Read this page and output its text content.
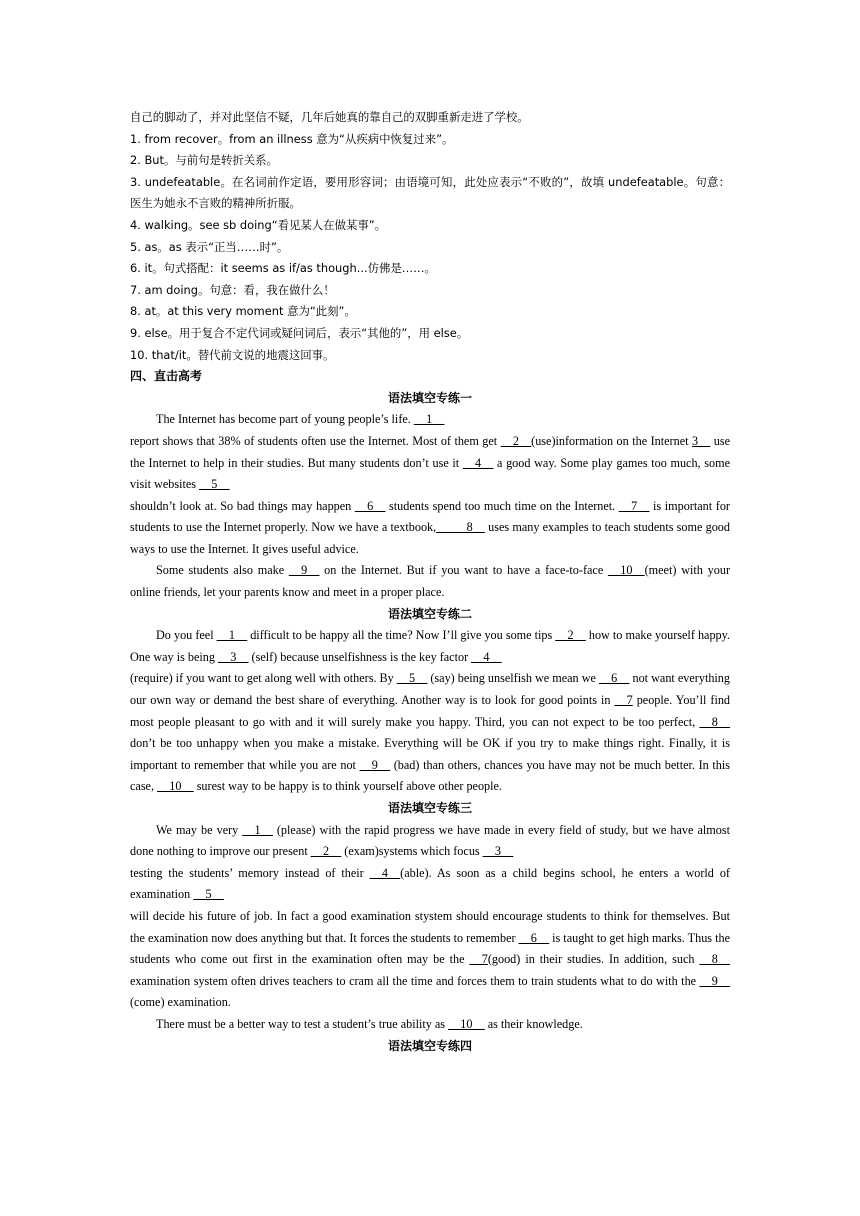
自己的脚动了，并对此坚信不疑，几年后她真的靠自己的双脚重新走进了学校。

1. from recover。from an illness 意为“从疾病中恢复过来”。

2. But。与前句是转折关系。

3. undefeatable。在名词前作定语，要用形容词；由语境可知，此处应表示“不败的”，故填 undefeatable。句意：医生为她永不言败的精神所折服。

4. walking。see sb doing“看见某人在做某事”。

5. as。as 表示“正当……时”。

6. it。句式搭配：it seems as if/as though...仿佛是……。

7. am doing。句意：看，我在做什么！

8. at。at this very moment 意为“此刻”。

9. else。用于复合不定代词或疑问词后，表示“其他的”，用 else。

10. that/it。替代前文说的地震这回事。

四、直击高考

语法填空专练一

The Internet has become part of young people’s life. __1__
report shows that 38% of students often use the Internet. Most of them get __2__(use)information on the Internet 3__ use the Internet to help in their studies. But many students don’t use it __4__ a good way. Some play games too much, some visit websites __5__
shouldn’t look at. So bad things may happen __6__ students spend too much time on the Internet. __7__ is important for students to use the Internet properly. Now we have a textbook,_____8__ uses many examples to teach students some good ways to use the Internet. It gives useful advice.

Some students also make __9__ on the Internet. But if you want to have a face-to-face __10__(meet) with your online friends, let your parents know and meet in a proper place.

语法填空专练二

Do you feel __1__ difficult to be happy all the time? Now I’ll give you some tips __2__ how to make yourself happy. One way is being __3__ (self) because unselfishness is the key factor __4__
(require) if you want to get along well with others. By __5__ (say) being unselfish we mean we __6__ not want everything our own way or demand the best share of everything. Another way is to look for good points in __7 people. You’ll find most people pleasant to go with and it will surely make you happy. Third, you can not expect to be too perfect, __8__ don’t be too unhappy when you make a mistake. Everything will be OK if you try to make things right. Finally, it is important to remember that while you are not __9__ (bad) than others, chances you have may not be much better. In this case, __10__ surest way to be happy is to think yourself above other people.

语法填空专练三

We may be very __1__ (please) with the rapid progress we have made in every field of study, but we have almost done nothing to improve our present __2__ (exam)systems which focus __3__
testing the students’ memory instead of their __4__(able). As soon as a child begins school, he enters a world of examination __5__
will decide his future of job. In fact a good examination stystem should encourage students to think for themselves. But the examination now does anything but that. It forces the students to remember __6__ is taught to get high marks. Thus the students who come out first in the examination often may be the __7(good) in their studies. In addition, such __8__ examination system often drives teachers to cram all the time and forces them to train students what to do with the __9__ (come) examination.

There must be a better way to test a student’s true ability as __10__ as their knowledge.

语法填空专练四
